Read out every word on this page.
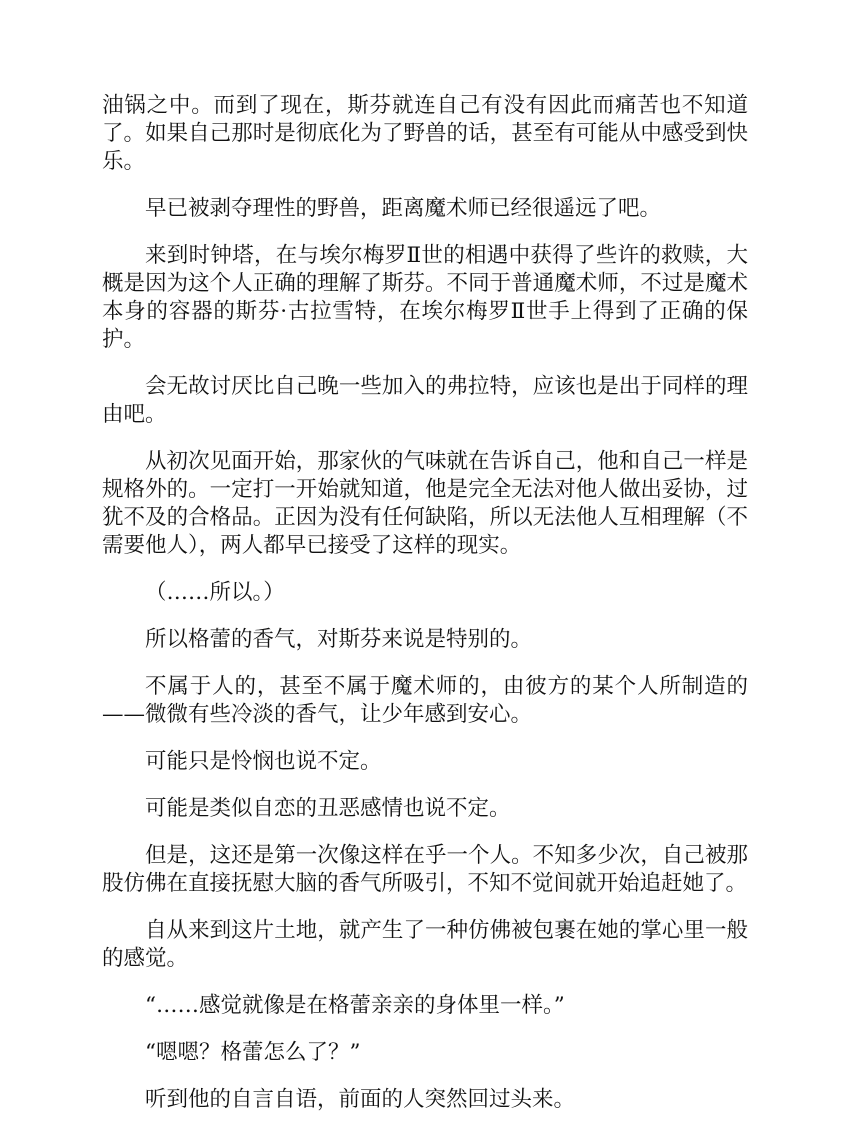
油锅之中。而到了现在，斯芬就连自己有没有因此而痛苦也不知道了。如果自己那时是彻底化为了野兽的话，甚至有可能从中感受到快乐。

早已被剥夺理性的野兽，距离魔术师已经很遥远了吧。

来到时钟塔，在与埃尔梅罗Ⅱ世的相遇中获得了些许的救赎，大概是因为这个人正确的理解了斯芬。不同于普通魔术师，不过是魔术本身的容器的斯芬·古拉雪特，在埃尔梅罗Ⅱ世手上得到了正确的保护。

会无故讨厌比自己晚一些加入的弗拉特，应该也是出于同样的理由吧。

从初次见面开始，那家伙的气味就在告诉自己，他和自己一样是规格外的。一定打一开始就知道，他是完全无法对他人做出妥协，过犹不及的合格品。正因为没有任何缺陷，所以无法他人互相理解（不需要他人），两人都早已接受了这样的现实。

（……所以。）

所以格蕾的香气，对斯芬来说是特别的。

不属于人的，甚至不属于魔术师的，由彼方的某个人所制造的——微微有些冷淡的香气，让少年感到安心。

可能只是怜悯也说不定。

可能是类似自恋的丑恶感情也说不定。

但是，这还是第一次像这样在乎一个人。不知多少次，自己被那股仿佛在直接抚慰大脑的香气所吸引，不知不觉间就开始追赶她了。

自从来到这片土地，就产生了一种仿佛被包裹在她的掌心里一般的感觉。

“……感觉就像是在格蕾亲亲的身体里一样。”

“嗯嗯？格蕾怎么了？”

听到他的自言自语，前面的人突然回过头来。
